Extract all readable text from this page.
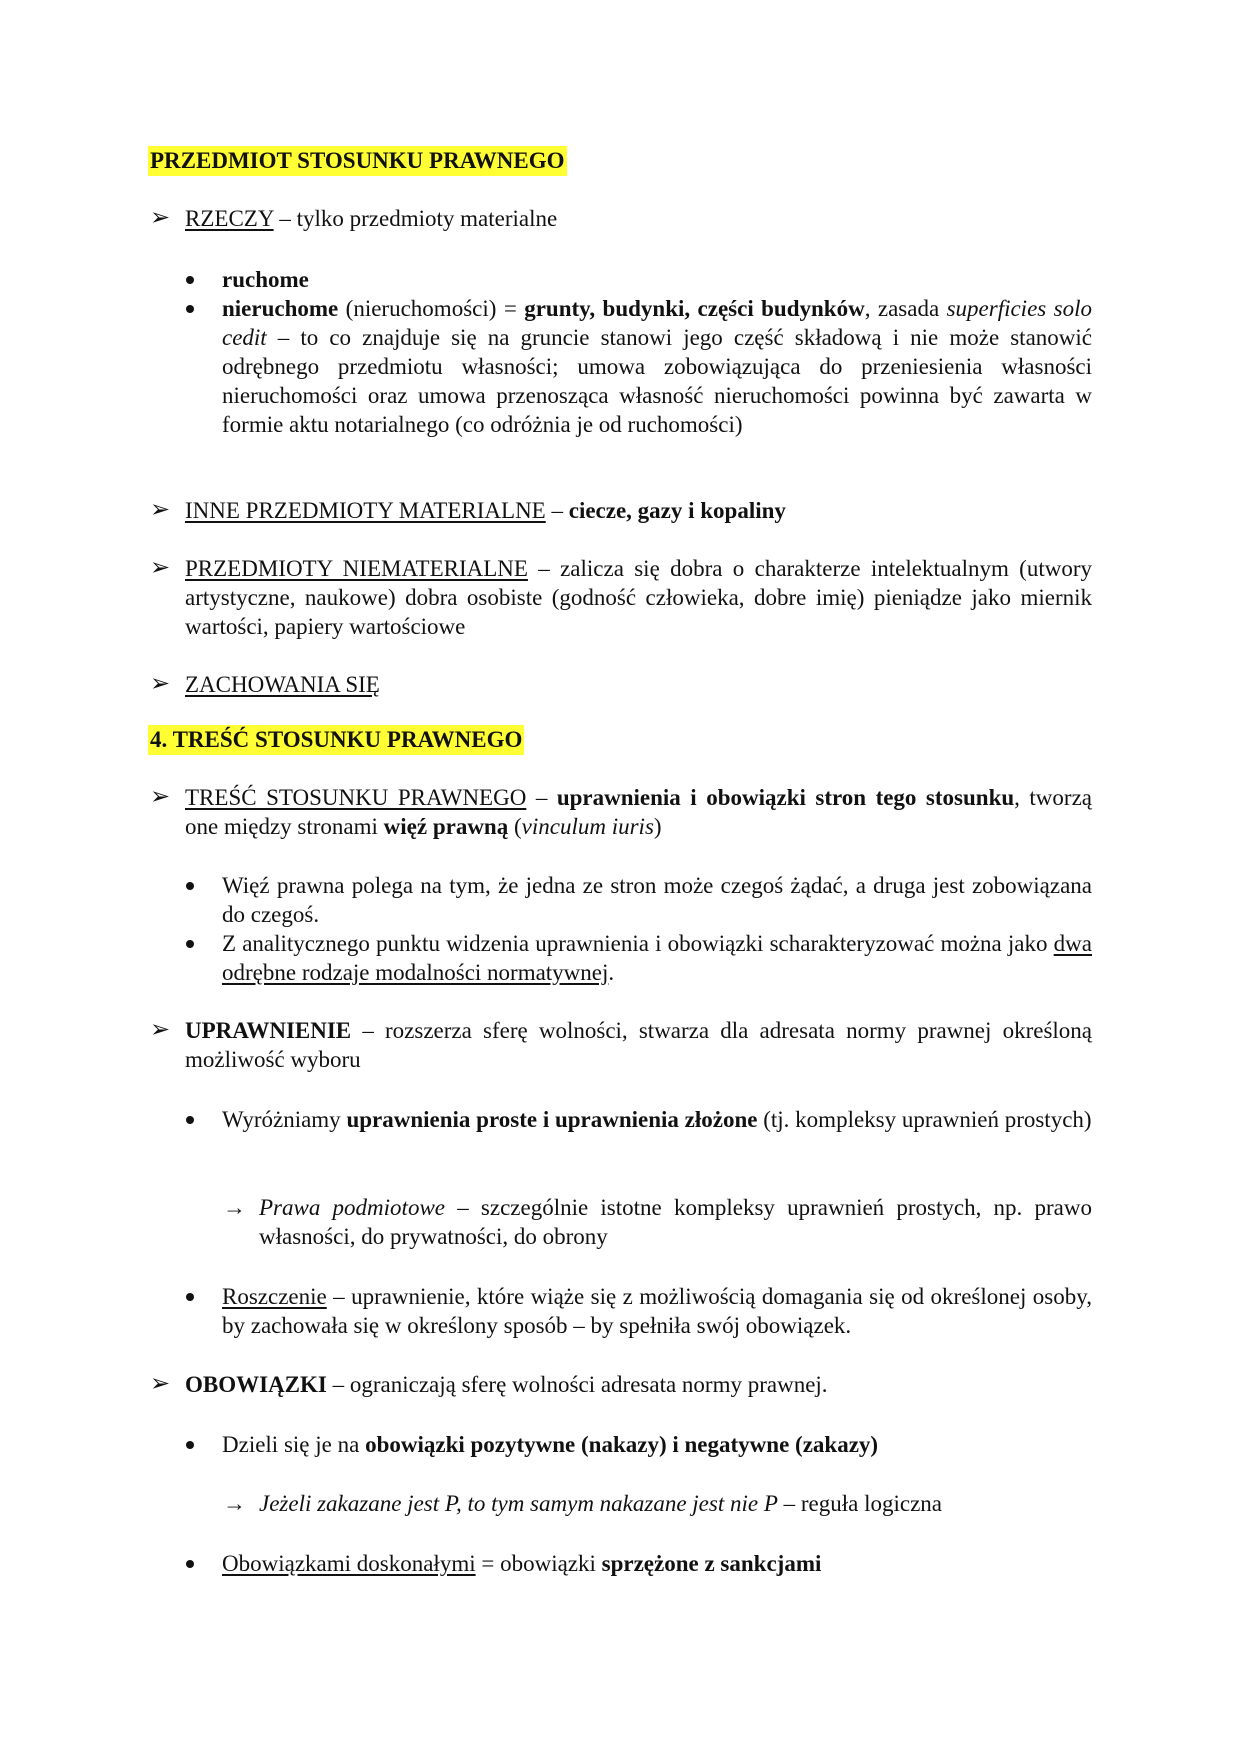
PRZEDMIOT STOSUNKU PRAWNEGO
➢ RZECZY – tylko przedmioty materialne
ruchome
nieruchome (nieruchomości) = grunty, budynki, części budynków, zasada superficies solo cedit – to co znajduje się na gruncie stanowi jego część składową i nie może stanowić odrębnego przedmiotu własności; umowa zobowiązująca do przeniesienia własności nieruchomości oraz umowa przenosząca własność nieruchomości powinna być zawarta w formie aktu notarialnego (co odróżnia je od ruchomości)
➢ INNE PRZEDMIOTY MATERIALNE – ciecze, gazy i kopaliny
➢ PRZEDMIOTY NIEMATERIALNE – zalicza się dobra o charakterze intelektualnym (utwory artystyczne, naukowe) dobra osobiste (godność człowieka, dobre imię) pieniądze jako miernik wartości, papiery wartościowe
➢ ZACHOWANIA SIĘ
4. TREŚĆ STOSUNKU PRAWNEGO
➢ TREŚĆ STOSUNKU PRAWNEGO – uprawnienia i obowiązki stron tego stosunku, tworzą one między stronami więź prawną (vinculum iuris)
Więź prawna polega na tym, że jedna ze stron może czegoś żądać, a druga jest zobowiązana do czegoś.
Z analitycznego punktu widzenia uprawnienia i obowiązki scharakteryzować można jako dwa odrębne rodzaje modalności normatywnej.
➢ UPRAWNIENIE – rozszerza sferę wolności, stwarza dla adresata normy prawnej określoną możliwość wyboru
Wyróżniamy uprawnienia proste i uprawnienia złożone (tj. kompleksy uprawnień prostych)
→ Prawa podmiotowe – szczególnie istotne kompleksy uprawnień prostych, np. prawo własności, do prywatności, do obrony
Roszczenie – uprawnienie, które wiąże się z możliwością domagania się od określonej osoby, by zachowała się w określony sposób – by spełniła swój obowiązek.
➢ OBOWIĄZKI – ograniczają sferę wolności adresata normy prawnej.
Dzieli się je na obowiązki pozytywne (nakazy) i negatywne (zakazy)
→ Jeżeli zakazane jest P, to tym samym nakazane jest nie P – reguła logiczna
Obowiązkami doskonałymi = obowiązki sprzężone z sankcjami
